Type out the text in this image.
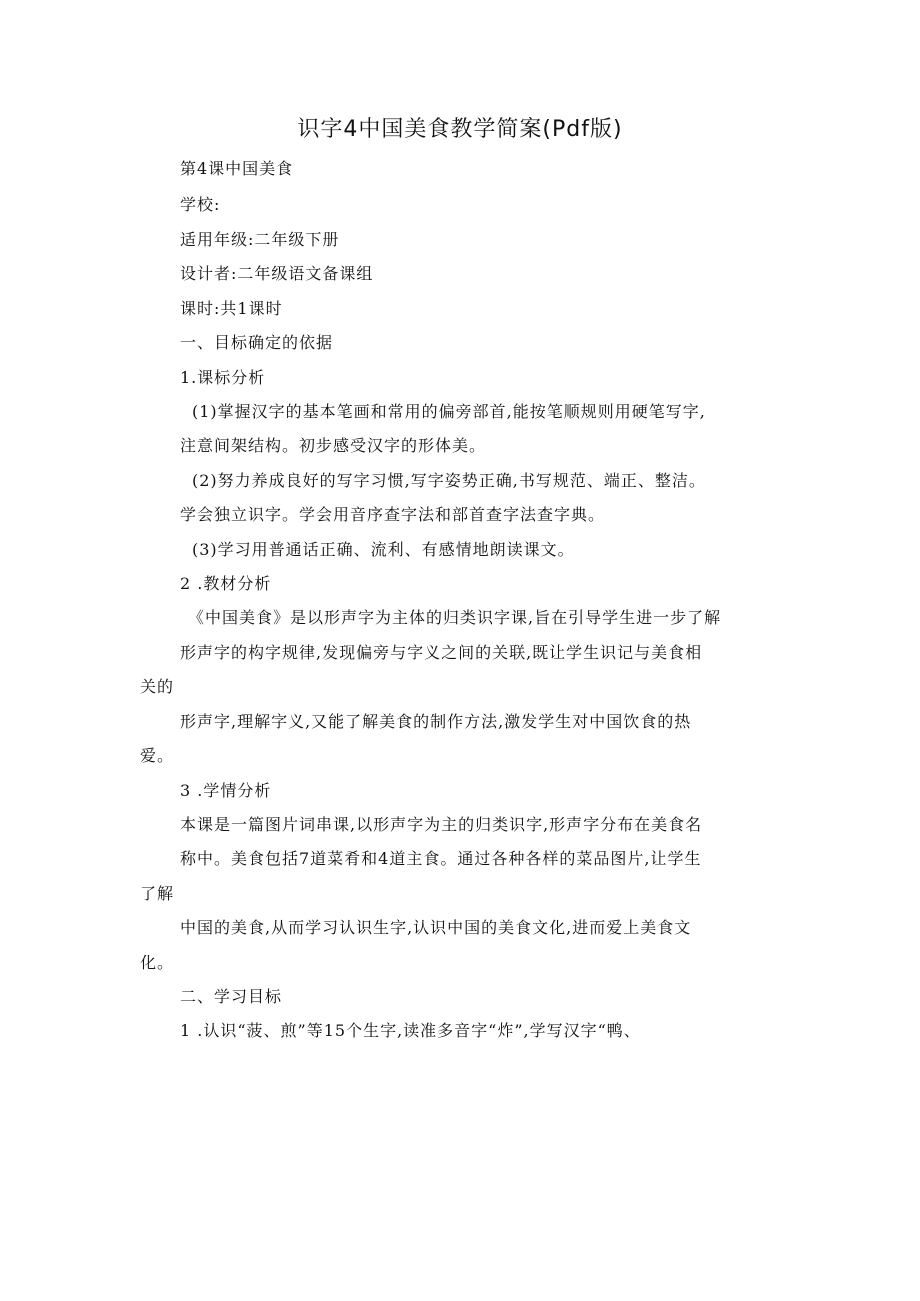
识字4中国美食教学简案(Pdf版)
第4课中国美食
学校:
适用年级:二年级下册
设计者:二年级语文备课组
课时:共1课时
一、目标确定的依据
1.课标分析
(1)掌握汉字的基本笔画和常用的偏旁部首,能按笔顺规则用硬笔写字,
注意间架结构。初步感受汉字的形体美。
(2)努力养成良好的写字习惯,写字姿势正确,书写规范、端正、整洁。
学会独立识字。学会用音序查字法和部首查字法查字典。
(3)学习用普通话正确、流利、有感情地朗读课文。
2 .教材分析
《中国美食》是以形声字为主体的归类识字课,旨在引导学生进一步了解
形声字的构字规律,发现偏旁与字义之间的关联,既让学生识记与美食相
关的
形声字,理解字义,又能了解美食的制作方法,激发学生对中国饮食的热
爱。
3 .学情分析
本课是一篇图片词串课,以形声字为主的归类识字,形声字分布在美食名
称中。美食包括7道菜肴和4道主食。通过各种各样的菜品图片,让学生
了解
中国的美食,从而学习认识生字,认识中国的美食文化,进而爱上美食文
化。
二、学习目标
1 .认识“菠、煎”等15个生字,读准多音字“炸”,学写汉字“鸭、
